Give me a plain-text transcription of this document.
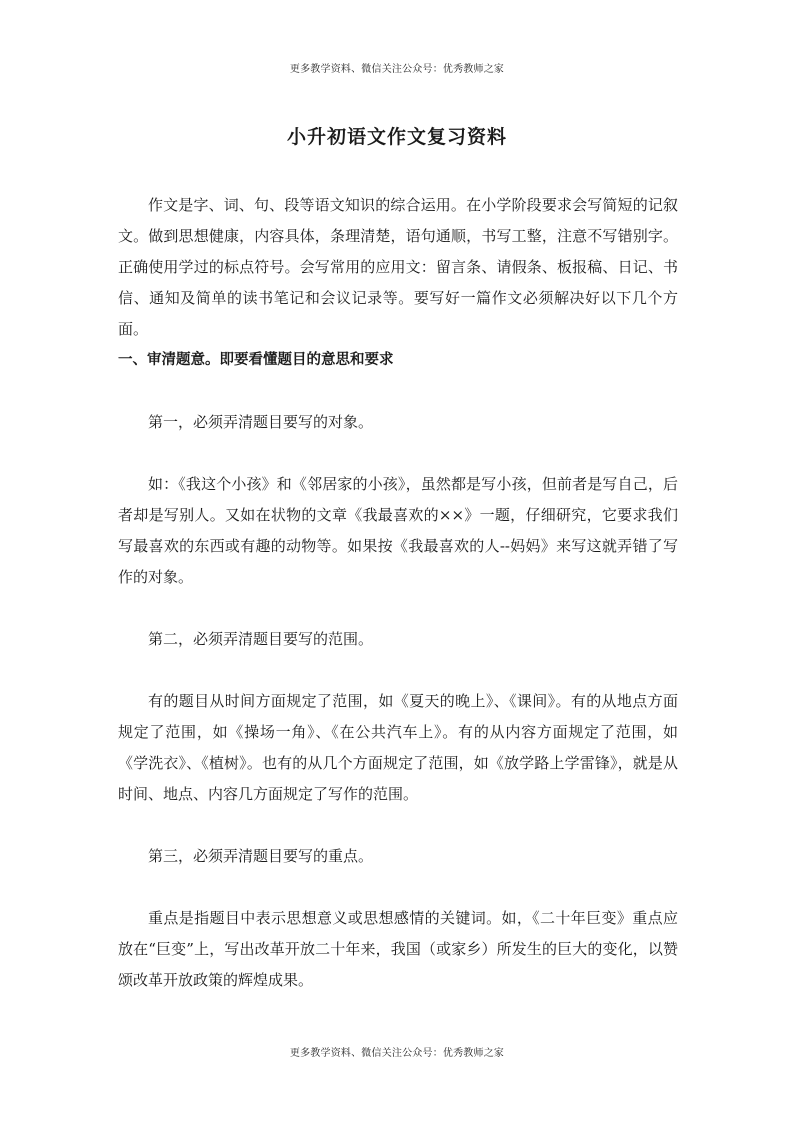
更多教学资料、微信关注公众号：优秀教师之家
小升初语文作文复习资料

作文是字、词、句、段等语文知识的综合运用。在小学阶段要求会写简短的记叙文。做到思想健康，内容具体，条理清楚，语句通顺，书写工整，注意不写错别字。正确使用学过的标点符号。会写常用的应用文：留言条、请假条、板报稿、日记、书信、通知及简单的读书笔记和会议记录等。要写好一篇作文必须解决好以下几个方面。

一、审清题意。即要看懂题目的意思和要求

第一，必须弄清题目要写的对象。

如：《我这个小孩》和《邻居家的小孩》，虽然都是写小孩，但前者是写自己，后者却是写别人。又如在状物的文章《我最喜欢的××》一题，仔细研究，它要求我们写最喜欢的东西或有趣的动物等。如果按《我最喜欢的人--妈妈》来写这就弄错了写作的对象。

第二，必须弄清题目要写的范围。

有的题目从时间方面规定了范围，如《夏天的晚上》、《课间》。有的从地点方面规定了范围，如《操场一角》、《在公共汽车上》。有的从内容方面规定了范围，如《学洗衣》、《植树》。也有的从几个方面规定了范围，如《放学路上学雷锋》，就是从时间、地点、内容几方面规定了写作的范围。

第三，必须弄清题目要写的重点。

重点是指题目中表示思想意义或思想感情的关键词。如，《二十年巨变》重点应放在“巨变”上，写出改革开放二十年来，我国（或家乡）所发生的巨大的变化，以赞颂改革开放政策的辉煌成果。

更多教学资料、微信关注公众号：优秀教师之家
